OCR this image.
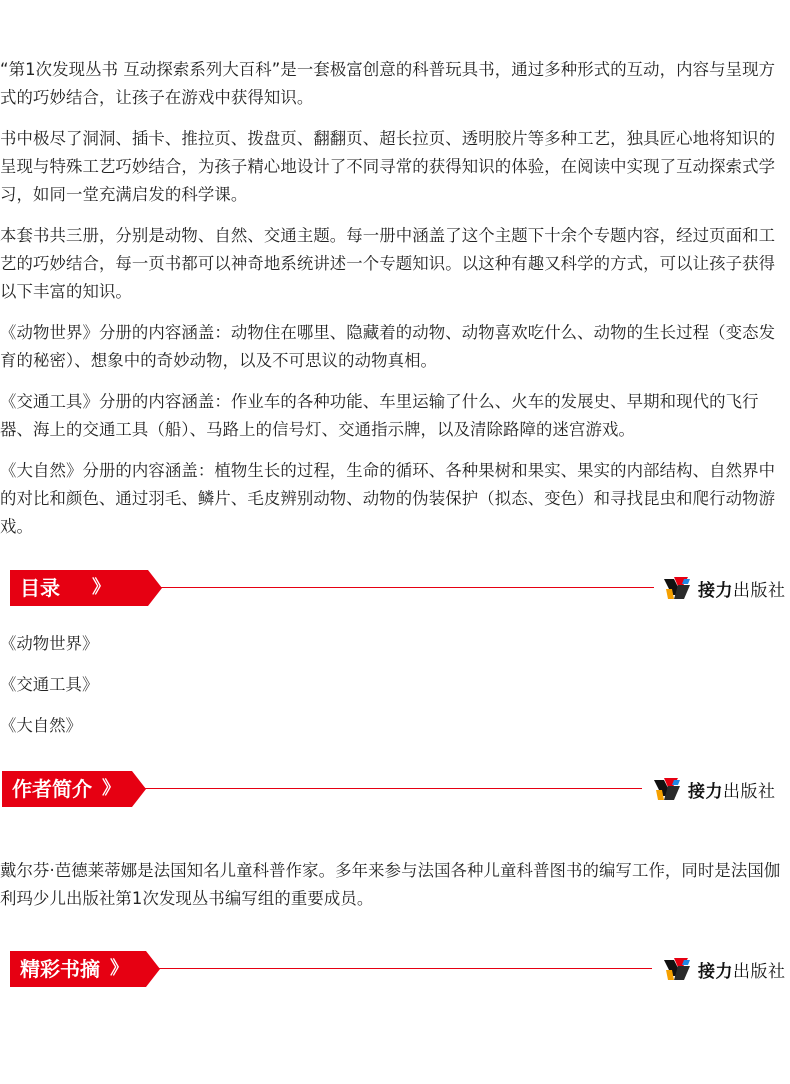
“第1次发现丛书 互动探索系列大百科”是一套极富创意的科普玩具书，通过多种形式的互动，内容与呈现方式的巧妙结合，让孩子在游戏中获得知识。

书中极尽了洞洞、插卡、推拉页、拨盘页、翻翻页、超长拉页、透明胶片等多种工艺，独具匠心地将知识的呈现与特殊工艺巧妙结合，为孩子精心地设计了不同寻常的获得知识的体验，在阅读中实现了互动探索式学习，如同一堂充满启发的科学课。

本套书共三册，分别是动物、自然、交通主题。每一册中涵盖了这个主题下十余个专题内容，经过页面和工艺的巧妙结合，每一页书都可以神奇地系统讲述一个专题知识。以这种有趣又科学的方式，可以让孩子获得以下丰富的知识。

《动物世界》分册的内容涵盖：动物住在哪里、隐藏着的动物、动物喜欢吃什么、动物的生长过程（变态发育的秘密）、想象中的奇妙动物，以及不可思议的动物真相。

《交通工具》分册的内容涵盖：作业车的各种功能、车里运输了什么、火车的发展史、早期和现代的飞行器、海上的交通工具（船）、马路上的信号灯、交通指示牌，以及清除路障的迷宫游戏。

《大自然》分册的内容涵盖：植物生长的过程，生命的循环、各种果树和果实、果实的内部结构、自然界中的对比和颜色、通过羽毛、鳞片、毛皮辨别动物、动物的伪装保护（拟态、变色）和寻找昆虫和爬行动物游戏。

目录 》	接力出版社
《动物世界》
《交通工具》
《大自然》
作者简介 》	接力出版社

戴尔芬·芭德莱蒂娜是法国知名儿童科普作家。多年来参与法国各种儿童科普图书的编写工作，同时是法国伽利玛少儿出版社第1次发现丛书编写组的重要成员。

精彩书摘 》	接力出版社
